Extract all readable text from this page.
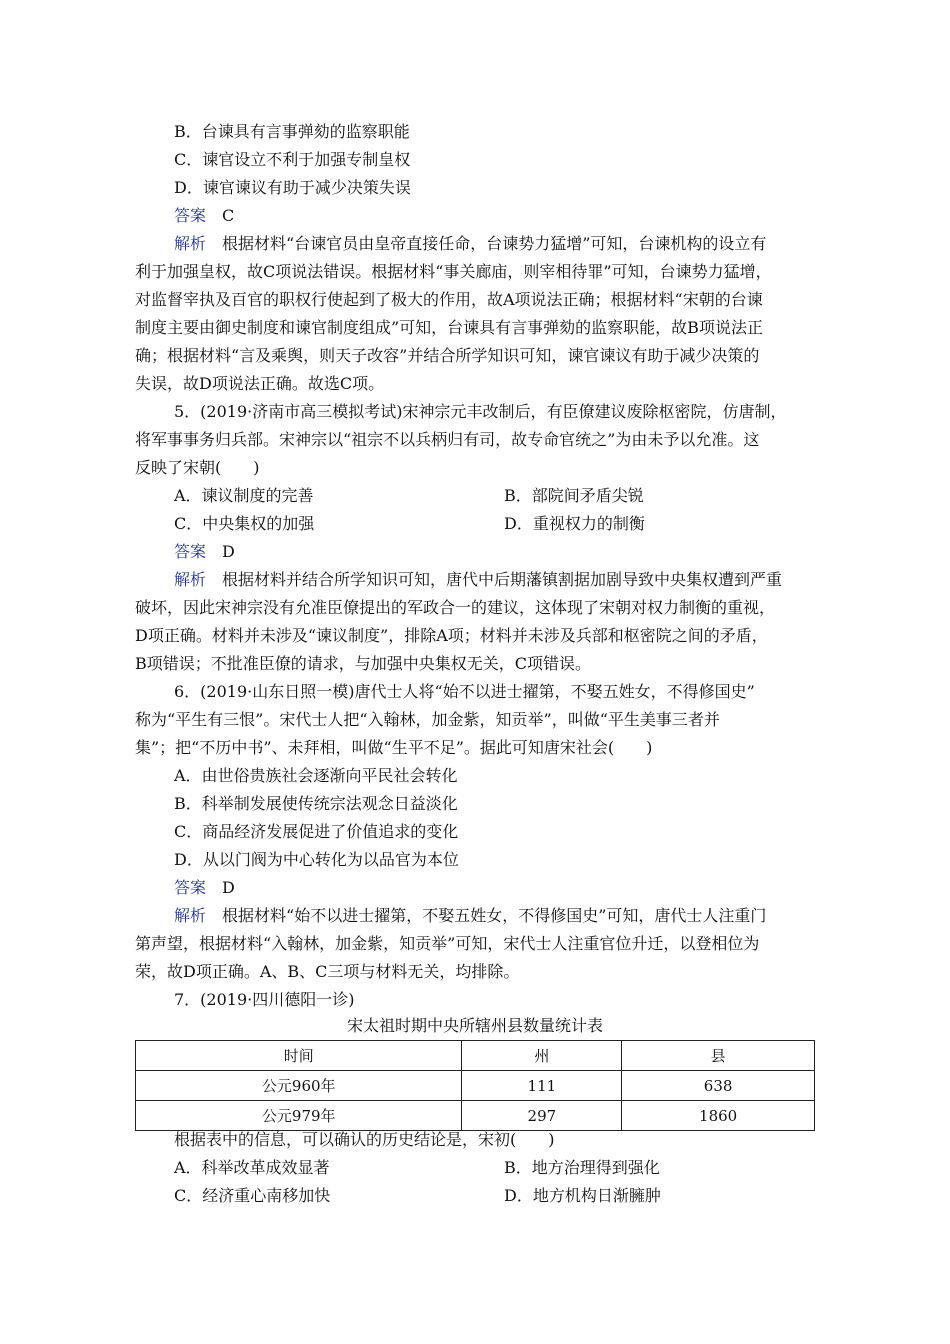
B．台谏具有言事弹劾的监察职能
C．谏官设立不利于加强专制皇权
D．谏官谏议有助于减少决策失误
答案　 C
解析　 根据材料“台谏官员由皇帝直接任命，台谏势力猛增”可知，台谏机构的设立有
利于加强皇权，故C项说法错误。根据材料“事关廊庙，则宰相待罪”可知，台谏势力猛增，
对监督宰执及百官的职权行使起到了极大的作用，故A项说法正确；根据材料“宋朝的台谏
制度主要由御史制度和谏官制度组成”可知，台谏具有言事弹劾的监察职能，故B项说法正
确；根据材料“言及乘舆，则天子改容”并结合所学知识可知，谏官谏议有助于减少决策的
失误，故D项说法正确。故选C项。
5．(2019·济南市高三模拟考试)宋神宗元丰改制后，有臣僚建议废除枢密院，仿唐制，
将军事事务归兵部。宋神宗以“祖宗不以兵柄归有司，故专命官统之”为由未予以允准。这
反映了宋朝(　　)
A．谏议制度的完善	B．部院间矛盾尖锐
C．中央集权的加强	D．重视权力的制衡
答案　 D
解析　 根据材料并结合所学知识可知，唐代中后期藩镇割据加剧导致中央集权遭到严重
破坏，因此宋神宗没有允准臣僚提出的军政合一的建议，这体现了宋朝对权力制衡的重视，
D项正确。材料并未涉及“谏议制度”，排除A项；材料并未涉及兵部和枢密院之间的矛盾，
B项错误；不批准臣僚的请求，与加强中央集权无关，C项错误。
6．(2019·山东日照一模)唐代士人将“始不以进士擢第，不娶五姓女，不得修国史”
称为“平生有三恨”。宋代士人把“入翰林，加金紫，知贡举”，叫做“平生美事三者并
集”；把“不历中书”、未拜相，叫做“生平不足”。据此可知唐宋社会(　　)
A．由世俗贵族社会逐渐向平民社会转化
B．科举制发展使传统宗法观念日益淡化
C．商品经济发展促进了价值追求的变化
D．从以门阀为中心转化为以品官为本位
答案　 D
解析　 根据材料“始不以进士擢第，不娶五姓女，不得修国史”可知，唐代士人注重门
第声望，根据材料“入翰林，加金紫，知贡举”可知，宋代士人注重官位升迁，以登相位为
荣，故D项正确。A、B、C三项与材料无关，均排除。
7．(2019·四川德阳一诊)
宋太祖时期中央所辖州县数量统计表
时间	州	县
公元960年	111	638
公元979年	297	1860
根据表中的信息，可以确认的历史结论是，宋初(　　)
A．科举改革成效显著	B．地方治理得到强化
C．经济重心南移加快	D．地方机构日渐臃肿
